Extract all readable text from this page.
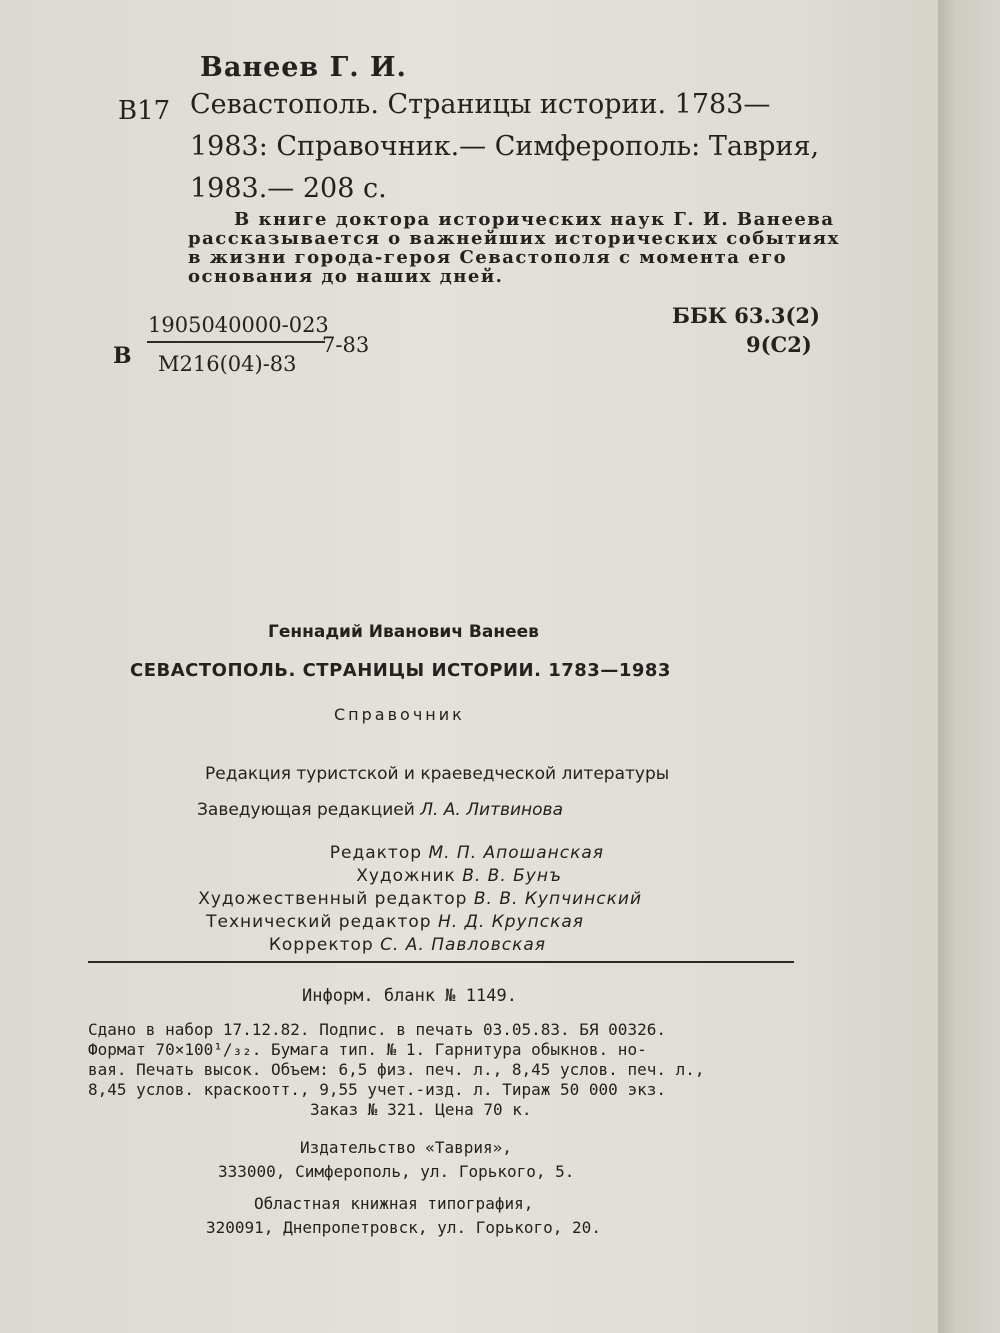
Ванеев Г. И.
В17 Севастополь. Страницы истории. 1783—
1983: Справочник.— Симферополь: Таврия,
1983.— 208 с.
В книге доктора исторических наук Г. И. Ванеева
рассказывается о важнейших исторических событиях
в жизни города-героя Севастополя с момента его
основания до наших дней.
В
1905040000-023
М216(04)-83
7-83
ББК 63.3(2)
9(С2)
Геннадий Иванович Ванеев
СЕВАСТОПОЛЬ. СТРАНИЦЫ ИСТОРИИ. 1783—1983
Справочник
Редакция туристской и краеведческой литературы
Заведующая редакцией Л. А. Литвинова
Редактор М. П. Апошанская
Художник В. В. Бунъ
Художественный редактор В. В. Купчинский
Технический редактор Н. Д. Крупская
Корректор С. А. Павловская
Информ. бланк № 1149.
Сдано в набор 17.12.82. Подпис. в печать 03.05.83. БЯ 00326.
Формат 70×100¹/₃₂. Бумага тип. № 1. Гарнитура обыкнов. но-
вая. Печать высок. Объем: 6,5 физ. печ. л., 8,45 услов. печ. л.,
8,45 услов. краскоотт., 9,55 учет.-изд. л. Тираж 50 000 экз.
Заказ № 321. Цена 70 к.
Издательство «Таврия»,
333000, Симферополь, ул. Горького, 5.
Областная книжная типография,
320091, Днепропетровск, ул. Горького, 20.
